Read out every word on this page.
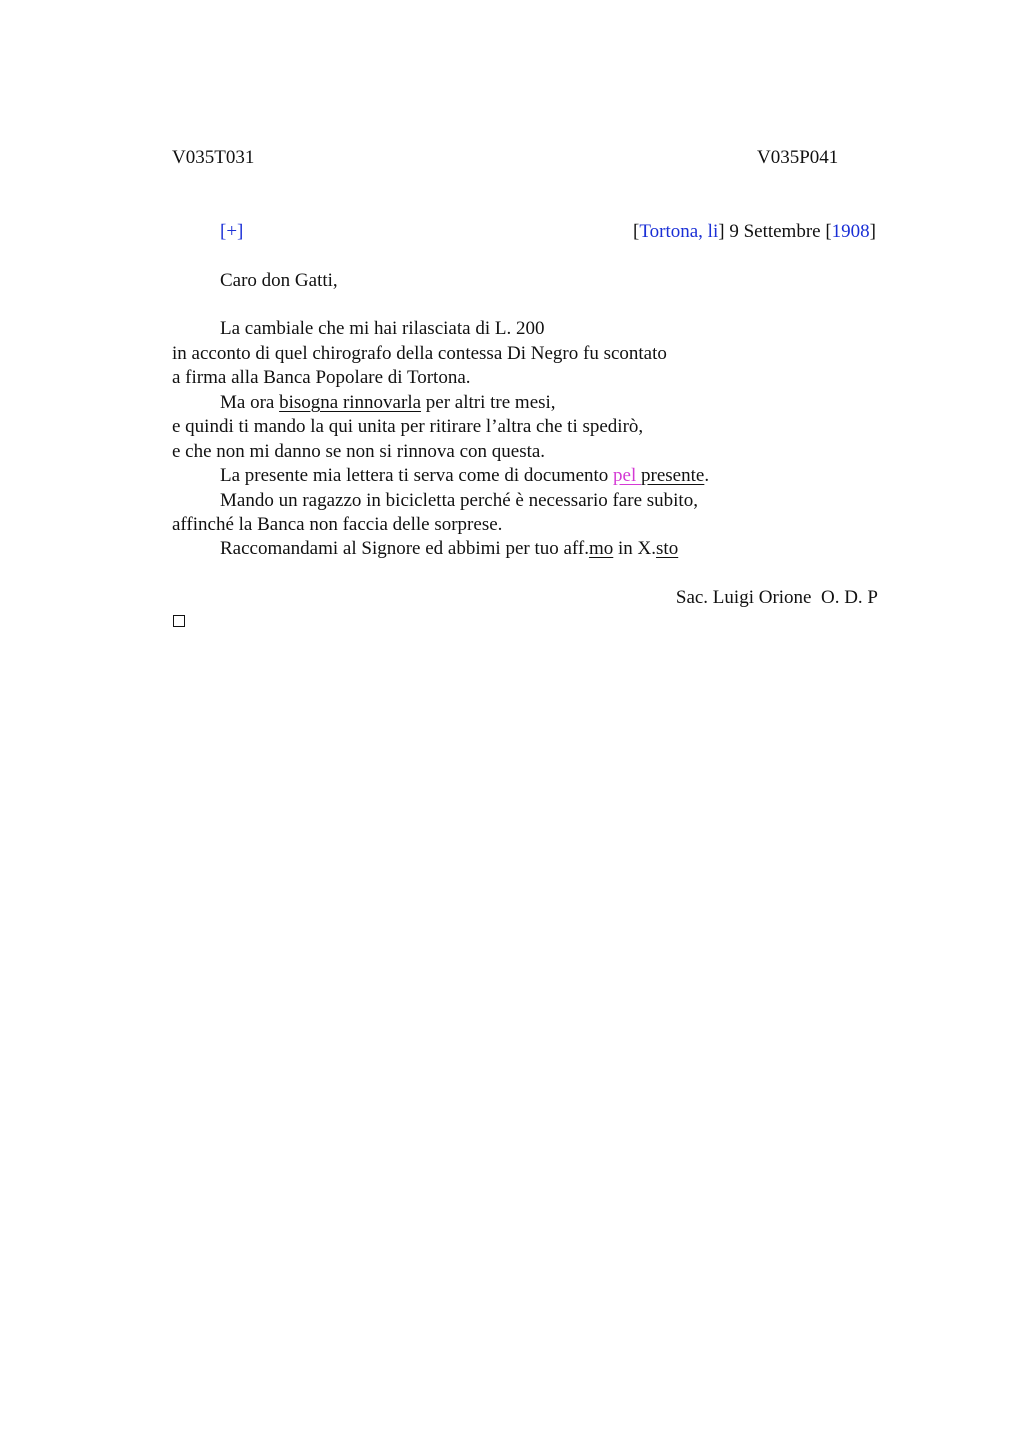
V035T031	V035P041
[+]	[Tortona, li] 9 Settembre [1908]
Caro don Gatti,
La cambiale che mi hai rilasciata di L. 200
in acconto di quel chirografo della contessa Di Negro fu scontato
a firma alla Banca Popolare di Tortona.
Ma ora bisogna rinnovarla per altri tre mesi,
e quindi ti mando la qui unita per ritirare l’altra che ti spedirò,
e che non mi danno se non si rinnova con questa.
La presente mia lettera ti serva come di documento pel presente.
Mando un ragazzo in bicicletta perché è necessario fare subito,
affinché la Banca non faccia delle sorprese.
Raccomandami al Signore ed abbimi per tuo aff.mo in X.sto
Sac. Luigi Orione  O. D. P
